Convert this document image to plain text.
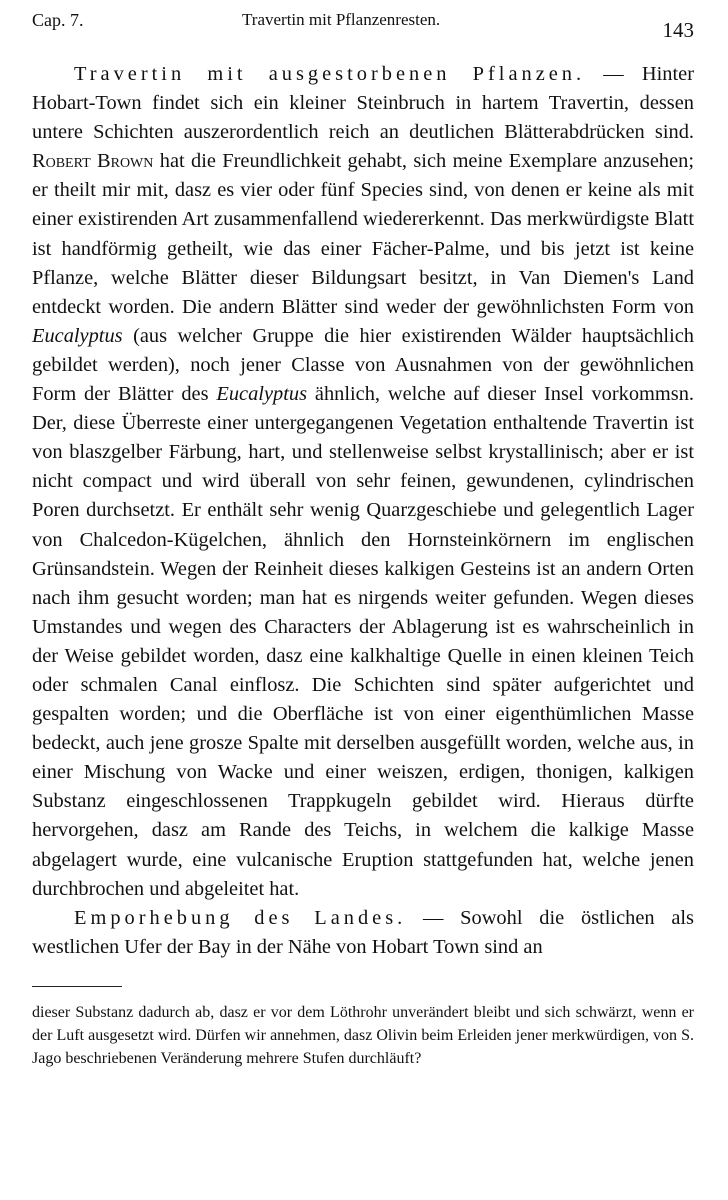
Cap. 7.	Travertin mit Pflanzenresten.	143

Travertin mit ausgestorbenen Pflanzen. — Hinter Hobart-Town findet sich ein kleiner Steinbruch in hartem Travertin, dessen untere Schichten auszerordentlich reich an deutlichen Blätterabdrücken sind. Robert Brown hat die Freundlichkeit gehabt, sich meine Exemplare anzusehen; er theilt mir mit, dasz es vier oder fünf Species sind, von denen er keine als mit einer existirenden Art zusammenfallend wiedererkennt. Das merkwürdigste Blatt ist handförmig getheilt, wie das einer Fächer-Palme, und bis jetzt ist keine Pflanze, welche Blätter dieser Bildungsart besitzt, in Van Diemen's Land entdeckt worden. Die andern Blätter sind weder der gewöhnlichsten Form von Eucalyptus (aus welcher Gruppe die hier existirenden Wälder hauptsächlich gebildet werden), noch jener Classe von Ausnahmen von der gewöhnlichen Form der Blätter des Eucalyptus ähnlich, welche auf dieser Insel vorkommsn. Der, diese Überreste einer untergegangenen Vegetation enthaltende Travertin ist von blaszgelber Färbung, hart, und stellenweise selbst krystallinisch; aber er ist nicht compact und wird überall von sehr feinen, gewundenen, cylindrischen Poren durchsetzt. Er enthält sehr wenig Quarzgeschiebe und gelegentlich Lager von Chalcedon-Kügelchen, ähnlich den Hornsteinkörnern im englischen Grünsandstein. Wegen der Reinheit dieses kalkigen Gesteins ist an andern Orten nach ihm gesucht worden; man hat es nirgends weiter gefunden. Wegen dieses Umstandes und wegen des Characters der Ablagerung ist es wahrscheinlich in der Weise gebildet worden, dasz eine kalkhaltige Quelle in einen kleinen Teich oder schmalen Canal einflosz. Die Schichten sind später aufgerichtet und gespalten worden; und die Oberfläche ist von einer eigenthümlichen Masse bedeckt, auch jene grosze Spalte mit derselben ausgefüllt worden, welche aus, in einer Mischung von Wacke und einer weiszen, erdigen, thonigen, kalkigen Substanz eingeschlossenen Trappkugeln gebildet wird. Hieraus dürfte hervorgehen, dasz am Rande des Teichs, in welchem die kalkige Masse abgelagert wurde, eine vulcanische Eruption stattgefunden hat, welche jenen durchbrochen und abgeleitet hat.

Emporhebung des Landes. — Sowohl die östlichen als westlichen Ufer der Bay in der Nähe von Hobart Town sind an

dieser Substanz dadurch ab, dasz er vor dem Löthrohr unverändert bleibt und sich schwärzt, wenn er der Luft ausgesetzt wird. Dürfen wir annehmen, dasz Olivin beim Erleiden jener merkwürdigen, von S. Jago beschriebenen Veränderung mehrere Stufen durchläuft?
